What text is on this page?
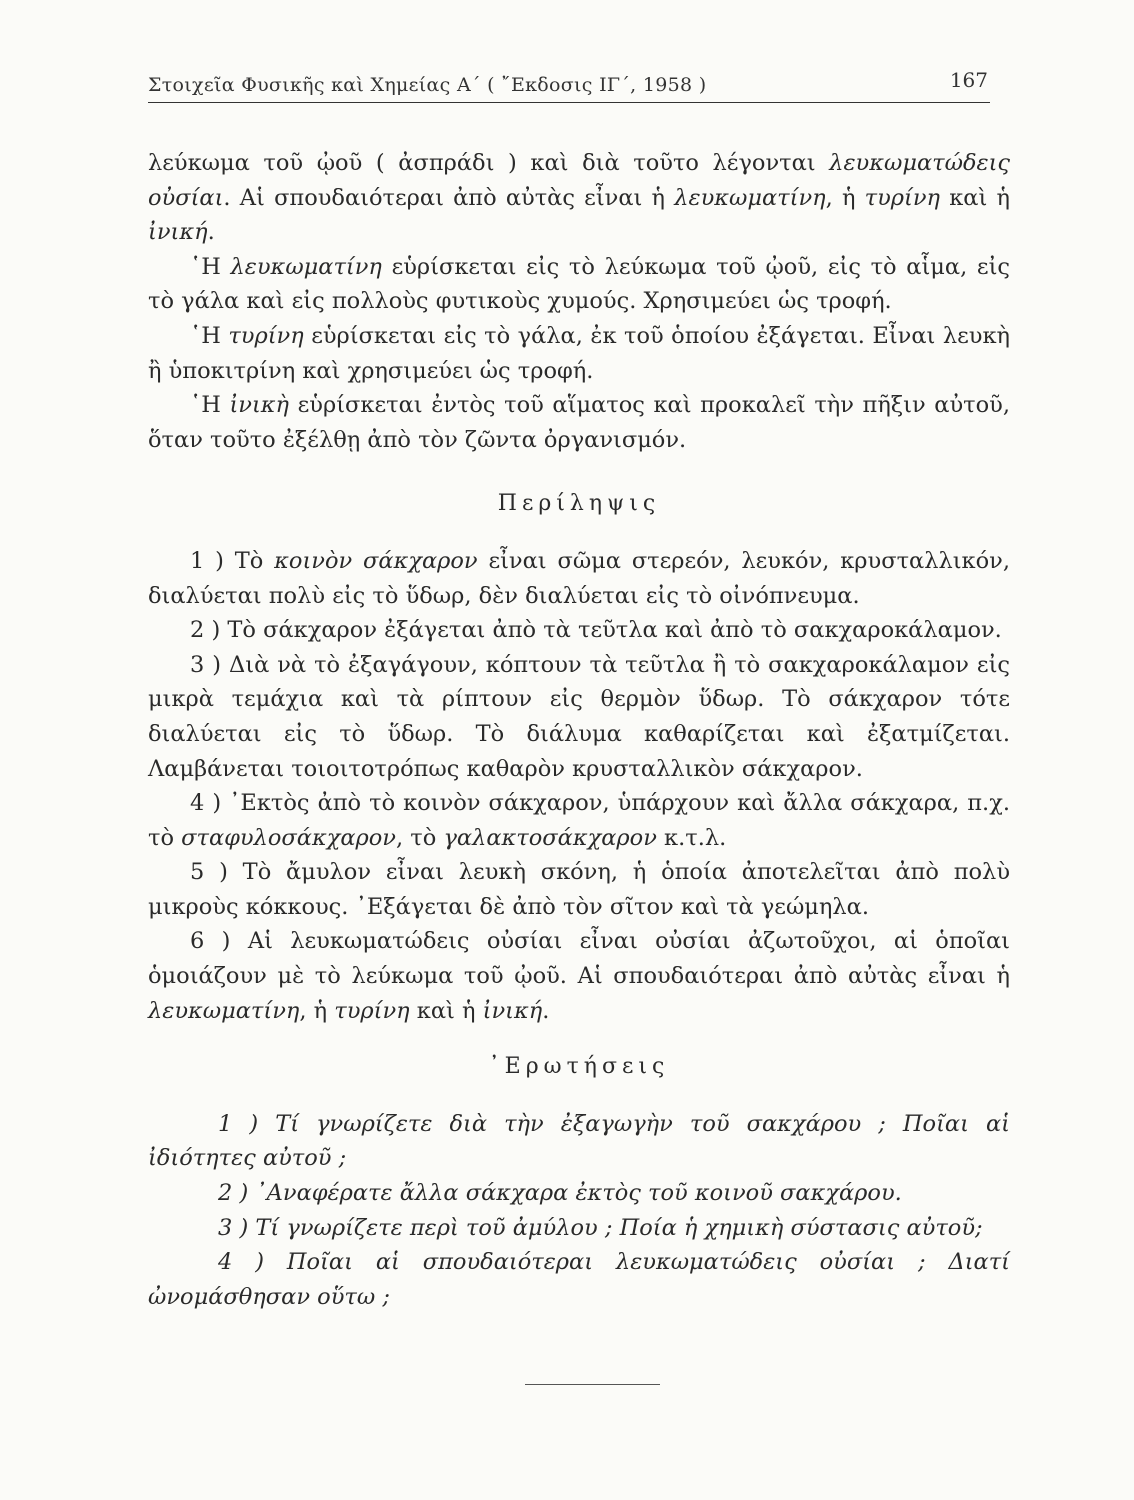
Στοιχεῖα Φυσικῆς καὶ Χημείας Α΄ ( ῎Εκδοσις ΙΓ΄, 1958 )	167

λεύκωμα τοῦ ᾠοῦ ( ἀσπράδι ) καὶ διὰ τοῦτο λέγονται λευκωματώδεις οὐσίαι. Αἱ σπουδαιότεραι ἀπὸ αὐτὰς εἶναι ἡ λευκωματίνη, ἡ τυρίνη καὶ ἡ ἰνική.

῾Η λευκωματίνη εὑρίσκεται εἰς τὸ λεύκωμα τοῦ ᾠοῦ, εἰς τὸ αἷμα, εἰς τὸ γάλα καὶ εἰς πολλοὺς φυτικοὺς χυμούς. Χρησιμεύει ὡς τροφή.

῾Η τυρίνη εὑρίσκεται εἰς τὸ γάλα, ἐκ τοῦ ὁποίου ἐξάγεται. Εἶναι λευκὴ ἢ ὑποκιτρίνη καὶ χρησιμεύει ὡς τροφή.

῾Η ἰνικὴ εὑρίσκεται ἐντὸς τοῦ αἵματος καὶ προκαλεῖ τὴν πῆξιν αὐτοῦ, ὅταν τοῦτο ἐξέλθῃ ἀπὸ τὸν ζῶντα ὀργανισμόν.

Περίληψις

1 ) Τὸ κοινὸν σάκχαρον εἶναι σῶμα στερεόν, λευκόν, κρυσταλλικόν, διαλύεται πολὺ εἰς τὸ ὕδωρ, δὲν διαλύεται εἰς τὸ οἰνόπνευμα.

2 ) Τὸ σάκχαρον ἐξάγεται ἀπὸ τὰ τεῦτλα καὶ ἀπὸ τὸ σακχαροκάλαμον.

3 ) Διὰ νὰ τὸ ἐξαγάγουν, κόπτουν τὰ τεῦτλα ἢ τὸ σακχαροκάλαμον εἰς μικρὰ τεμάχια καὶ τὰ ρίπτουν εἰς θερμὸν ὕδωρ. Τὸ σάκχαρον τότε διαλύεται εἰς τὸ ὕδωρ. Τὸ διάλυμα καθαρίζεται καὶ ἐξατμίζεται. Λαμβάνεται τοιοιτοτρόπως καθαρὸν κρυσταλλικὸν σάκχαρον.

4 ) ᾿Εκτὸς ἀπὸ τὸ κοινὸν σάκχαρον, ὑπάρχουν καὶ ἄλλα σάκχαρα, π.χ. τὸ σταφυλοσάκχαρον, τὸ γαλακτοσάκχαρον κ.τ.λ.

5 ) Τὸ ἄμυλον εἶναι λευκὴ σκόνη, ἡ ὁποία ἀποτελεῖται ἀπὸ πολὺ μικροὺς κόκκους. ᾿Εξάγεται δὲ ἀπὸ τὸν σῖτον καὶ τὰ γεώμηλα.

6 ) Αἱ λευκωματώδεις οὐσίαι εἶναι οὐσίαι ἀζωτοῦχοι, αἱ ὁποῖαι ὁμοιάζουν μὲ τὸ λεύκωμα τοῦ ᾠοῦ. Αἱ σπουδαιότεραι ἀπὸ αὐτὰς εἶναι ἡ λευκωματίνη, ἡ τυρίνη καὶ ἡ ἰνική.

᾿Ερωτήσεις

1 ) Τί γνωρίζετε διὰ τὴν ἐξαγωγὴν τοῦ σακχάρου ; Ποῖαι αἱ ἰδιότητες αὐτοῦ ;

2 ) ᾿Αναφέρατε ἄλλα σάκχαρα ἐκτὸς τοῦ κοινοῦ σακχάρου.

3 ) Τί γνωρίζετε περὶ τοῦ ἀμύλου ; Ποία ἡ χημικὴ σύστασις αὐτοῦ;

4 ) Ποῖαι αἱ σπουδαιότεραι λευκωματώδεις οὐσίαι ; Διατί ὠνομάσθησαν οὕτω ;
